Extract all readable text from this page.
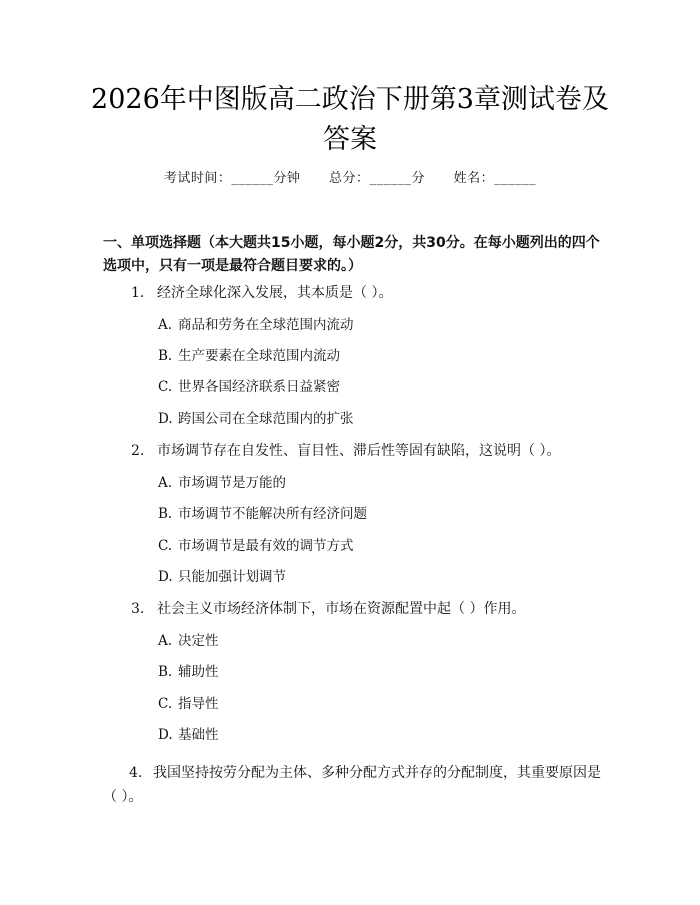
2026年中图版高二政治下册第3章测试卷及答案
考试时间：______分钟 总分：______分 姓名：______
一、单项选择题（本大题共15小题，每小题2分，共30分。在每小题列出的四个选项中，只有一项是最符合题目要求的。）
1. 经济全球化深入发展，其本质是（ ）。
A. 商品和劳务在全球范围内流动
B. 生产要素在全球范围内流动
C. 世界各国经济联系日益紧密
D. 跨国公司在全球范围内的扩张
2. 市场调节存在自发性、盲目性、滞后性等固有缺陷，这说明（ ）。
A. 市场调节是万能的
B. 市场调节不能解决所有经济问题
C. 市场调节是最有效的调节方式
D. 只能加强计划调节
3. 社会主义市场经济体制下，市场在资源配置中起（ ）作用。
A. 决定性
B. 辅助性
C. 指导性
D. 基础性
4. 我国坚持按劳分配为主体、多种分配方式并存的分配制度，其重要原因是（ ）。
